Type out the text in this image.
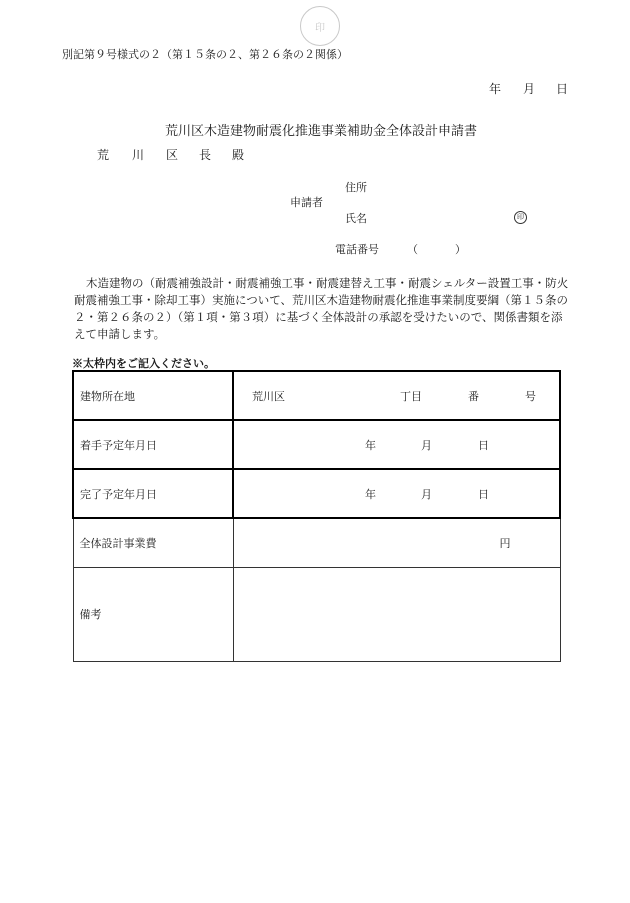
印
別記第９号様式の２（第１５条の２、第２６条の２関係）
年 月 日
荒川区木造建物耐震化推進事業補助金全体設計申請書
荒 川 区 長 殿
住所
申請者
氏名	印
電話番号	（	）
木造建物の（耐震補強設計・耐震補強工事・耐震建替え工事・耐震シェルター設置工事・防火耐震補強工事・除却工事）実施について、荒川区木造建物耐震化推進事業制度要綱（第１５条の２・第２６条の２）（第１項・第３項）に基づく全体設計の承認を受けたいので、関係書類を添えて申請します。
※太枠内をご記入ください。
建物所在地	荒川区 丁目 番 号

着手予定年月日	年 月 日

完了予定年月日	年 月 日

全体設計事業費	円

備考	
